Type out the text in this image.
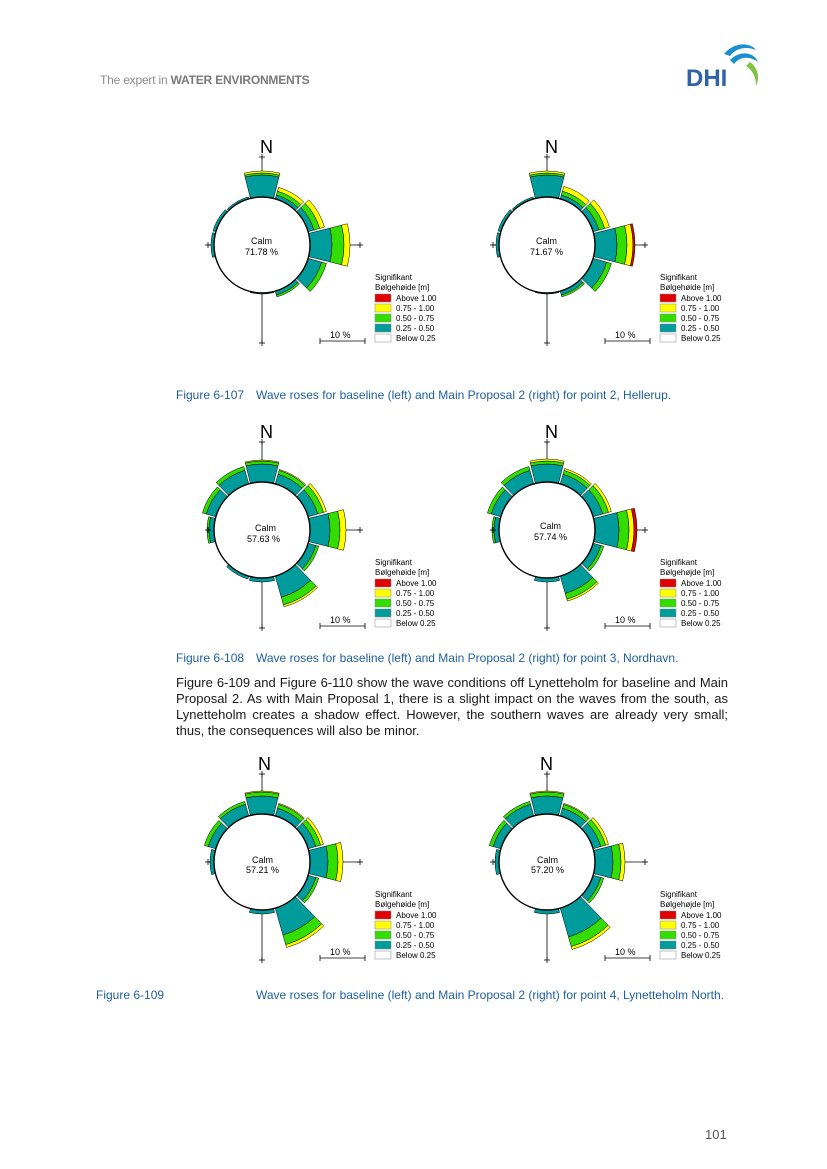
The expert in WATER ENVIRONMENTS	DHI
10 %
Signifikant
Bølgehøide [m]
Above 1.00
0.75 - 1.00
0.50 - 0.75
0.25 - 0.50
Below 0.25
N
Calm
71.78 %
10 %
Signifikant
Bølgehøide [m]
Above 1.00
0.75 - 1.00
0.50 - 0.75
0.25 - 0.50
Below 0.25
N
Calm
71.67 %
Figure 6-107 Wave roses for baseline (left) and Main Proposal 2 (right) for point 2, Hellerup.
10 %
Signifikant
Bølgehøide [m]
Above 1.00
0.75 - 1.00
0.50 - 0.75
0.25 - 0.50
Below 0.25
N
Calm
57.63 %
10 %
Signifikant
Bølgehøjde [m]
Above 1.00
0.75 - 1.00
0.50 - 0.75
0.25 - 0.50
Below 0.25
N
Calm
57.74 %
Figure 6-108 Wave roses for baseline (left) and Main Proposal 2 (right) for point 3, Nordhavn.
Figure 6-109 and Figure 6-110 show the wave conditions off Lynetteholm for baseline and Main Proposal 2. As with Main Proposal 1, there is a slight impact on the waves from the south, as Lynetteholm creates a shadow effect. However, the southern waves are already very small; thus, the consequences will also be minor.
10 %
Signifikant
Bølgehøide [m]
Above 1.00
0.75 - 1.00
0.50 - 0.75
0.25 - 0.50
Below 0.25
N
Calm
57.21 %
10 %
Signifikant
Bølgehøjde [m]
Above 1.00
0.75 - 1.00
0.50 - 0.75
0.25 - 0.50
Below 0.25
N
Calm
57.20 %
Figure 6-109	Wave roses for baseline (left) and Main Proposal 2 (right) for point 4, Lynetteholm North.
101
